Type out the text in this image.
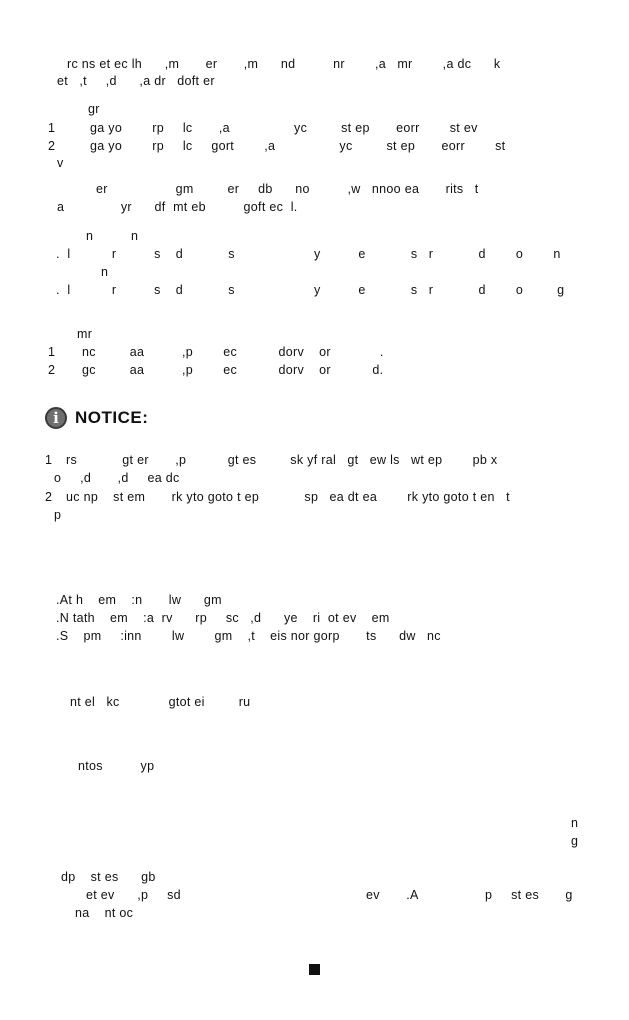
rc ns et ec lh      ,m       er       ,m      nd          nr        ,a   mr        ,a dc      k
et   ,t     ,d      ,a dr   doft er
gr
1	ga yo        rp     lc       ,a                 yc         st ep       eorr        st ev
2	ga yo        rp     lc     gort        ,a                 yc         st ep       eorr        st
v
er                  gm         er     db      no          ,w   nnoo ea       rits   t
a               yr      df  mt eb          goft ec  l.
n          n
.  l           r          s    d            s                     y          e            s   r            d        o        n
n
.  l           r          s    d            s                     y          e            s   r            d        o         g
mr
1 nc         aa          ,p        ec           dorv    or             .
2 gc         aa          ,p        ec           dorv    or           d.
i NOTICE:
1 rs            gt er       ,p           gt es         sk yf ral   gt   ew ls   wt ep        pb x
o     ,d       ,d     ea dc
2 uc np    st em       rk yto goto t ep            sp   ea dt ea        rk yto goto t en   t
p
.At h    em    :n       lw      gm
.N tath    em    :a  rv      rp     sc   ,d      ye    ri  ot ev    em
.S    pm     :inn        lw        gm    ,t    eis nor gorp       ts      dw   nc
nt el   kc             gtot ei         ru
ntos          yp
n
g
dp    st es      gb
et ev      ,p     sd	ev       .A	p     st es       g
na    nt oc
